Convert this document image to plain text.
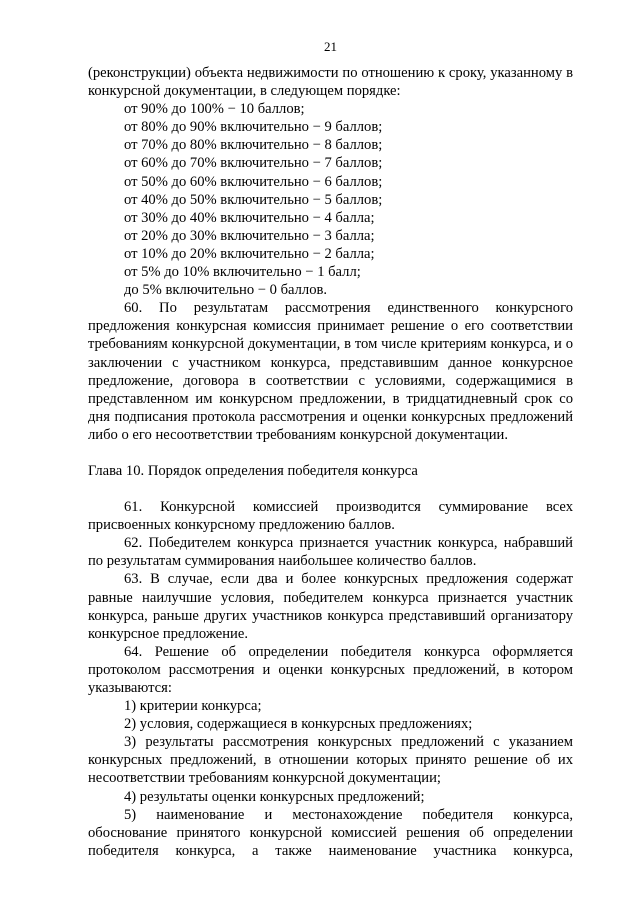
21

(реконструкции) объекта недвижимости по отношению к сроку, указанному в конкурсной документации, в следующем порядке:

от 90% до 100% − 10 баллов;

от 80% до 90% включительно − 9 баллов;

от 70% до 80% включительно − 8 баллов;

от 60% до 70% включительно − 7 баллов;

от 50% до 60% включительно − 6 баллов;

от 40% до 50% включительно − 5 баллов;

от 30% до 40% включительно − 4 балла;

от 20% до 30% включительно − 3 балла;

от 10% до 20% включительно − 2 балла;

от 5% до 10% включительно − 1 балл;

до 5% включительно − 0 баллов.

60. По результатам рассмотрения единственного конкурсного предложения конкурсная комиссия принимает решение о его соответствии требованиям конкурсной документации, в том числе критериям конкурса, и о заключении с участником конкурса, представившим данное конкурсное предложение, договора в соответствии с условиями, содержащимися в представленном им конкурсном предложении, в тридцатидневный срок со дня подписания протокола рассмотрения и оценки конкурсных предложений либо о его несоответствии требованиям конкурсной документации.

Глава 10. Порядок определения победителя конкурса

61. Конкурсной комиссией производится суммирование всех присвоенных конкурсному предложению баллов.

62. Победителем конкурса признается участник конкурса, набравший по результатам суммирования наибольшее количество баллов.

63. В случае, если два и более конкурсных предложения содержат равные наилучшие условия, победителем конкурса признается участник конкурса, раньше других участников конкурса представивший организатору конкурсное предложение.

64. Решение об определении победителя конкурса оформляется протоколом рассмотрения и оценки конкурсных предложений, в котором указываются:

1) критерии конкурса;

2) условия, содержащиеся в конкурсных предложениях;

3) результаты рассмотрения конкурсных предложений с указанием конкурсных предложений, в отношении которых принято решение об их несоответствии требованиям конкурсной документации;

4) результаты оценки конкурсных предложений;

5) наименование и местонахождение победителя конкурса, обоснование принятого конкурсной комиссией решения об определении победителя конкурса, а также наименование участника конкурса,
